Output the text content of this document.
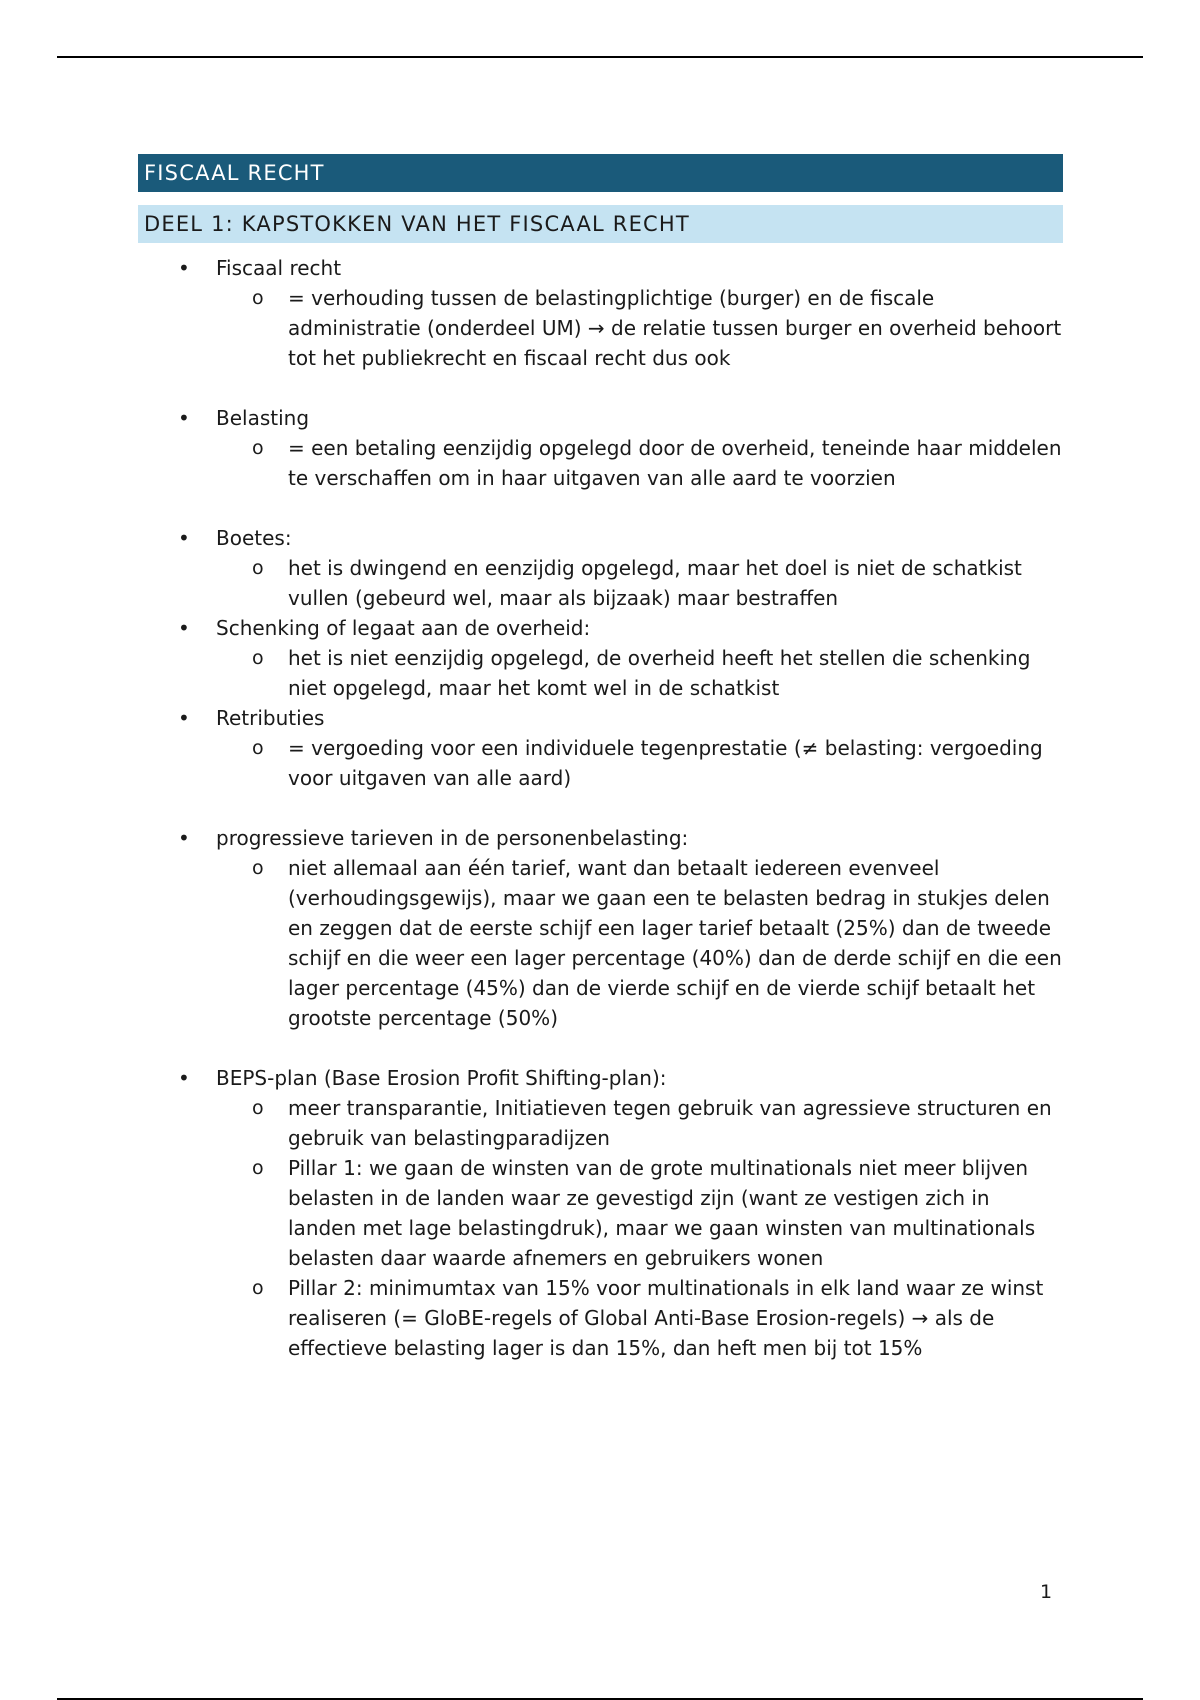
FISCAAL RECHT
DEEL 1: KAPSTOKKEN VAN HET FISCAAL RECHT
• Fiscaal recht
o = verhouding tussen de belastingplichtige (burger) en de fiscale administratie (onderdeel UM) → de relatie tussen burger en overheid behoort tot het publiekrecht en fiscaal recht dus ook
• Belasting
o = een betaling eenzijdig opgelegd door de overheid, teneinde haar middelen te verschaffen om in haar uitgaven van alle aard te voorzien
• Boetes:
o het is dwingend en eenzijdig opgelegd, maar het doel is niet de schatkist vullen (gebeurd wel, maar als bijzaak) maar bestraffen
• Schenking of legaat aan de overheid:
o het is niet eenzijdig opgelegd, de overheid heeft het stellen die schenking niet opgelegd, maar het komt wel in de schatkist
• Retributies
o = vergoeding voor een individuele tegenprestatie (≠ belasting: vergoeding voor uitgaven van alle aard)
• progressieve tarieven in de personenbelasting:
o niet allemaal aan één tarief, want dan betaalt iedereen evenveel (verhoudingsgewijs), maar we gaan een te belasten bedrag in stukjes delen en zeggen dat de eerste schijf een lager tarief betaalt (25%) dan de tweede schijf en die weer een lager percentage (40%) dan de derde schijf en die een lager percentage (45%) dan de vierde schijf en de vierde schijf betaalt het grootste percentage (50%)
• BEPS-plan (Base Erosion Profit Shifting-plan):
o meer transparantie, Initiatieven tegen gebruik van agressieve structuren en gebruik van belastingparadijzen
o Pillar 1: we gaan de winsten van de grote multinationals niet meer blijven belasten in de landen waar ze gevestigd zijn (want ze vestigen zich in landen met lage belastingdruk), maar we gaan winsten van multinationals belasten daar waarde afnemers en gebruikers wonen
o Pillar 2: minimumtax van 15% voor multinationals in elk land waar ze winst realiseren (= GloBE-regels of Global Anti-Base Erosion-regels) → als de effectieve belasting lager is dan 15%, dan heft men bij tot 15%
1
